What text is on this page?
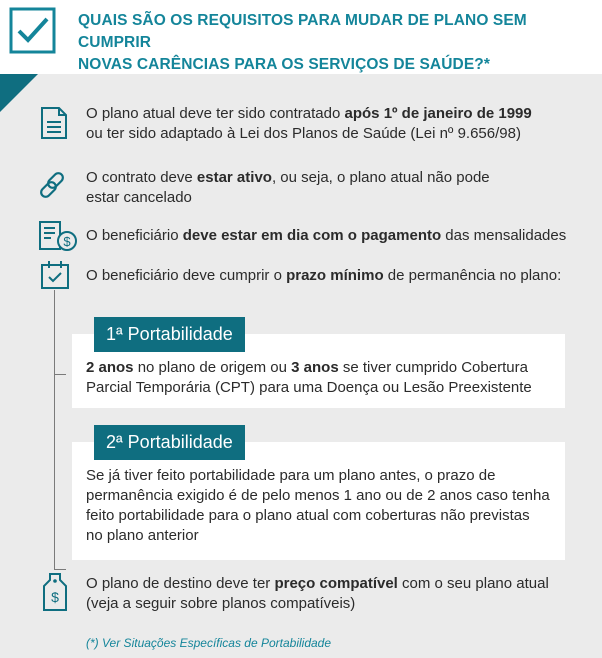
QUAIS SÃO OS REQUISITOS PARA MUDAR DE PLANO SEM CUMPRIR
NOVAS CARÊNCIAS PARA OS SERVIÇOS DE SAÚDE?*
O plano atual deve ter sido contratado após 1º de janeiro de 1999
ou ter sido adaptado à Lei dos Planos de Saúde (Lei nº 9.656/98)
O contrato deve estar ativo, ou seja, o plano atual não pode
estar cancelado
$ O beneficiário deve estar em dia com o pagamento das mensalidades
O beneficiário deve cumprir o prazo mínimo de permanência no plano:
2 anos no plano de origem ou 3 anos se tiver cumprido Cobertura
Parcial Temporária (CPT) para uma Doença ou Lesão Preexistente
1ª Portabilidade
Se já tiver feito portabilidade para um plano antes, o prazo de
permanência exigido é de pelo menos 1 ano ou de 2 anos caso tenha
feito portabilidade para o plano atual com coberturas não previstas
no plano anterior
2ª Portabilidade
$
O plano de destino deve ter preço compatível com o seu plano atual
(veja a seguir sobre planos compatíveis)
(*) Ver Situações Específicas de Portabilidade
